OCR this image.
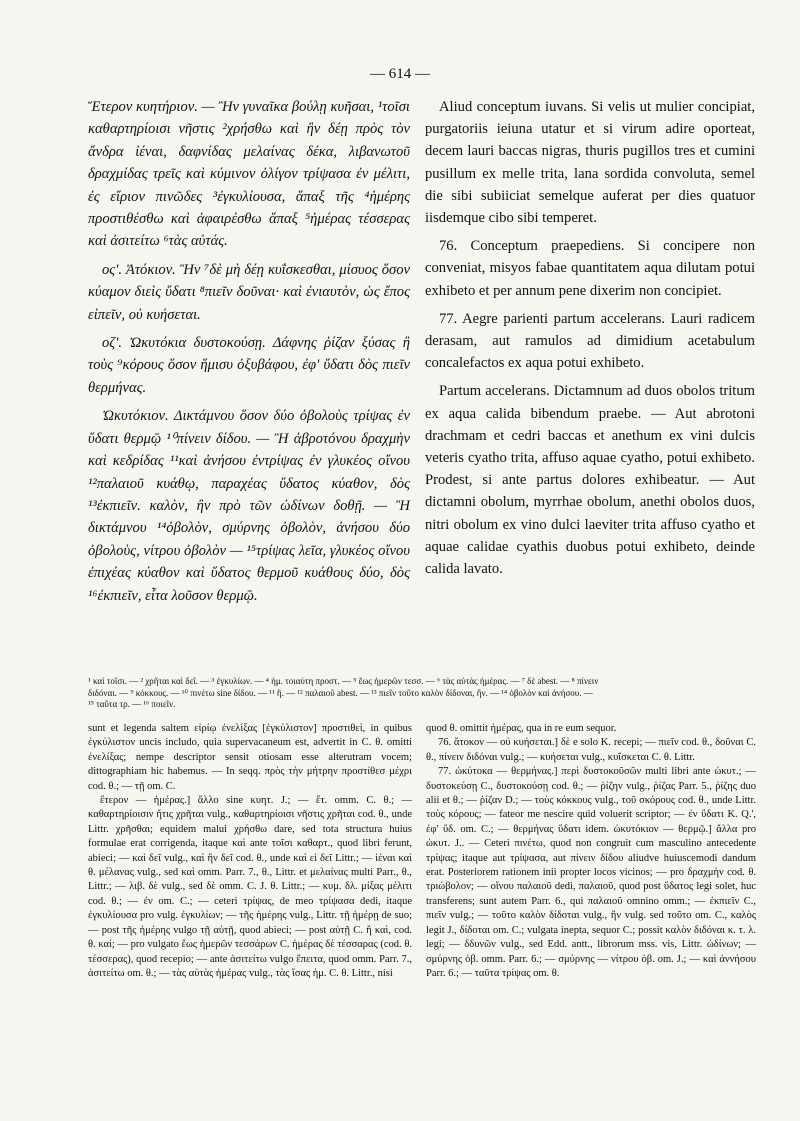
— 614 —

Ἕτερον κυητήριον. — Ἢν γυναῖκα βούλῃ κυῆσαι, ¹τοῖσι καθαρτηρίοισι νῆστις ²χρήσθω καὶ ἢν δέῃ πρὸς τὸν ἄνδρα ἰέναι, δαφνίδας μελαίνας δέκα, λιβανωτοῦ δραχμίδας τρεῖς καὶ κύμινον ὀλίγον τρίψασα ἐν μέλιτι, ἐς εἴριον πινῶδες ³ἐγκυλίουσα, ἅπαξ τῆς ⁴ἡμέρης προστιθέσθω καὶ ἀφαιρέσθω ἅπαξ ⁵ἡμέρας τέσσερας καὶ ἀσιτείτω ⁶τὰς αὐτάς.

ος'. Ἀτόκιον. Ἢν ⁷δὲ μὴ δέῃ κυΐσκεσθαι, μίσυος ὅσον κύαμον διεὶς ὕδατι ⁸πιεῖν δοῦναι· καὶ ἐνιαυτὸν, ὡς ἔπος εἰπεῖν, οὐ κυήσεται.

οζ'. Ὠκυτόκια δυστοκούσῃ. Δάφνης ῥίζαν ξύσας ἢ τοὺς ⁹κόρους ὅσον ἥμισυ ὀξυβάφου, ἐφ' ὕδατι δὸς πιεῖν θερμήνας.

Ὠκυτόκιον. Δικτάμνου ὅσον δύο ὀβολοὺς τρίψας ἐν ὕδατι θερμῷ ¹⁰πίνειν δίδου. — Ἢ ἀβροτόνου δραχμὴν καὶ κεδρίδας ¹¹καὶ ἀνήσου ἐντρίψας ἐν γλυκέος οἴνου ¹²παλαιοῦ κυάθῳ, παραχέας ὕδατος κύαθον, δὸς ¹³ἐκπιεῖν. καλὸν, ἢν πρὸ τῶν ὠδίνων δοθῇ. — Ἢ δικτάμνου ¹⁴ὀβολὸν, σμύρνης ὀβολὸν, ἀνήσου δύο ὀβολοὺς, νίτρου ὀβολὸν — ¹⁵τρίψας λεῖα, γλυκέος οἴνου ἐπιχέας κύαθον καὶ ὕδατος θερμοῦ κυάθους δύο, δὸς ¹⁶ἐκπιεῖν, εἶτα λοῦσον θερμῷ.

Aliud conceptum iuvans. Si velis ut mulier concipiat, purgatoriis ieiuna utatur et si virum adire oporteat, decem lauri baccas nigras, thuris pugillos tres et cumini pusillum ex melle trita, lana sordida convoluta, semel die sibi subiiciat semelque auferat per dies quatuor iisdemque cibo sibi temperet.

76. Conceptum praepediens. Si concipere non conveniat, misyos fabae quantitatem aqua dilutam potui exhibeto et per annum pene dixerim non concipiet.

77. Aegre parienti partum accelerans. Lauri radicem derasam, aut ramulos ad dimidium acetabulum concalefactos ex aqua potui exhibeto.

Partum accelerans. Dictamnum ad duos obolos tritum ex aqua calida bibendum praebe. — Aut abrotoni drachmam et cedri baccas et anethum ex vini dulcis veteris cyatho trita, affuso aquae cyatho, potui exhibeto. Prodest, si ante partus dolores exhibeatur. — Aut dictamni obolum, myrrhae obolum, anethi obolos duos, nitri obolum ex vino dulci laeviter trita affuso cyatho et aquae calidae cyathis duobus potui exhibeto, deinde calida lavato.

¹ καὶ τοῖσι. — ² χρῆται καὶ δεῖ. — ³ ἐγκυλίων. — ⁴ ἡμ. τοιαύτη προστ. — ⁵ ἕως ἡμερῶν τεσσ. — ⁶ τὰς αὐτὰς ἡμέρας. — ⁷ δὲ abest. — ⁸ πίνειν
διδόναι. — ⁹ κόκκους. — ¹⁰ πινέτω sine δίδου. — ¹¹ ἢ. — ¹² παλαιοῦ abest. — ¹³ πιεῖν τοῦτο καλὸν δίδοναι, ἢν. — ¹⁴ ὀβολὸν καὶ ἀνήσου. —
¹⁵ ταῦτα τρ. — ¹⁶ ποιεῖν.

sunt et legenda saltem εἰρίῳ ἐνελίξας [ἐγκύλιστον] προστιθεὶ, in quibus ἐγκύλιστον uncis includo, quia supervacaneum est, advertit in C. θ. omitti ἐνελίξας; nempe descriptor sensit otiosam esse alterutram vocem; dittographiam hic habemus. — In seqq. πρὸς τὴν μήτρην προστίθεσ μέχρι cod. θ.; — τῇ om. C.

ἕτερον — ἡμέρας.] ἄλλο sine κυητ. J.; — ἕτ. omm. C. θ.; — καθαρτηρίοισιν ἥτις χρῆται vulg., καθαρτηρίοισι νῆστις χρῆται cod. θ., unde Littr. χρῆσθαι; equidem malui χρήσθω dare, sed tota structura huius formulae erat corrigenda, itaque καὶ ante τοῖσι καθαρτ., quod libri ferunt, abieci; — καὶ δεῖ vulg., καὶ ἢν δεῖ cod. θ., unde καὶ εἰ δεῖ Littr.; — ἰέναι καὶ θ. μέλανας vulg., sed καὶ omm. Parr. 7., θ., Littr. et μελαίνας multi Parr., θ., Littr.; — λιβ. δὲ vulg., sed δὲ omm. C. J. θ. Littr.; — κυμ. δλ. μίξας μέλιτι cod. θ.; — ἐν om. C.; — ceteri τρίψας, de meo τρίψασα dedi, itaque ἐγκυλίουσα pro vulg. ἐγκυλίων; — τῆς ἡμέρης vulg., Littr. τῇ ἡμέρῃ de suo; — post τῆς ἡμέρης vulgo τῇ αὐτῇ, quod abieci; — post αὐτῇ C. ἢ καὶ, cod. θ. καί; — pro vulgato ἕως ἡμερῶν τεσσάρων C. ἡμέρας δὲ τέσσαρας (cod. θ. τέσσερας), quod recepio; — ante ἀσιτείτω vulgo ἔπειτα, quod omm. Parr. 7., ἀσιτείτω om. θ.; — τὰς αὐτὰς ἡμέρας vulg., τὰς ἴσας ἡμ. C. θ. Littr., nisi

quod θ. omittit ἡμέρας, qua in re eum sequor.

76. ἄτοκον — οὐ κυήσεται.] δὲ e solo K. recepi; — πιεῖν cod. θ., δοῦναι C. θ., πίνειν διδόναι vulg.; — κυήσεται vulg., κυΐσκεται C. θ. Littr.

77. ὠκύτοκα — θερμήνας.] περὶ δυστοκοῦσῶν multi libri ante ὠκυτ.; — δυστοκεύσῃ C., δυστοκούσῃ cod. θ.; — ῥίζην vulg., ῥίζας Parr. 5., ῥίζης duo alii et θ.; — ῥίζαν D.; — τοὺς κόκκους vulg., τοῦ σκόρους cod. θ., unde Littr. τοὺς κόρους; — fateor me nescire quid voluerit scriptor; — ἐν ὕδατι K. Q.', ἐφ' ὕδ. om. C.; — θερμήνας ὕδατι idem. ὠκυτόκιον — θερμῷ.] ἄλλα pro ὠκυτ. J.. — Ceteri πινέτω, quod non congruit cum masculino antecedente τρίψας; itaque aut τρίψασα, aut πίνειν δίδου aliudve huiuscemodi dandum erat. Posteriorem rationem inii propter locos vicinos; — pro δραχμὴν cod. θ. τριώβολον; — οἴνου παλαιοῦ dedi, παλαιοῦ, quod post ὕδατος legi solet, huc transferens; sunt autem Parr. 6., qui παλαιοῦ omnino omm.; — ἐκπιεῖν C., πιεῖν vulg.; — τοῦτο καλὸν δίδοται vulg., ἢν vulg. sed τοῦτο om. C., καλὸς legit J., δίδοται om. C.; vulgata inepta, sequor C.; possit καλὸν διδόναι κ. τ. λ. legi; — δδυνῶν vulg., sed Edd. antt., librorum mss. vis, Littr. ὠδίνων; — σμύρνης ὀβ. omm. Parr. 6.; — σμύρνης — νίτρου ὀβ. om. J.; — καὶ ἀννήσου Parr. 6.; — ταῦτα τρίψας om. θ.
